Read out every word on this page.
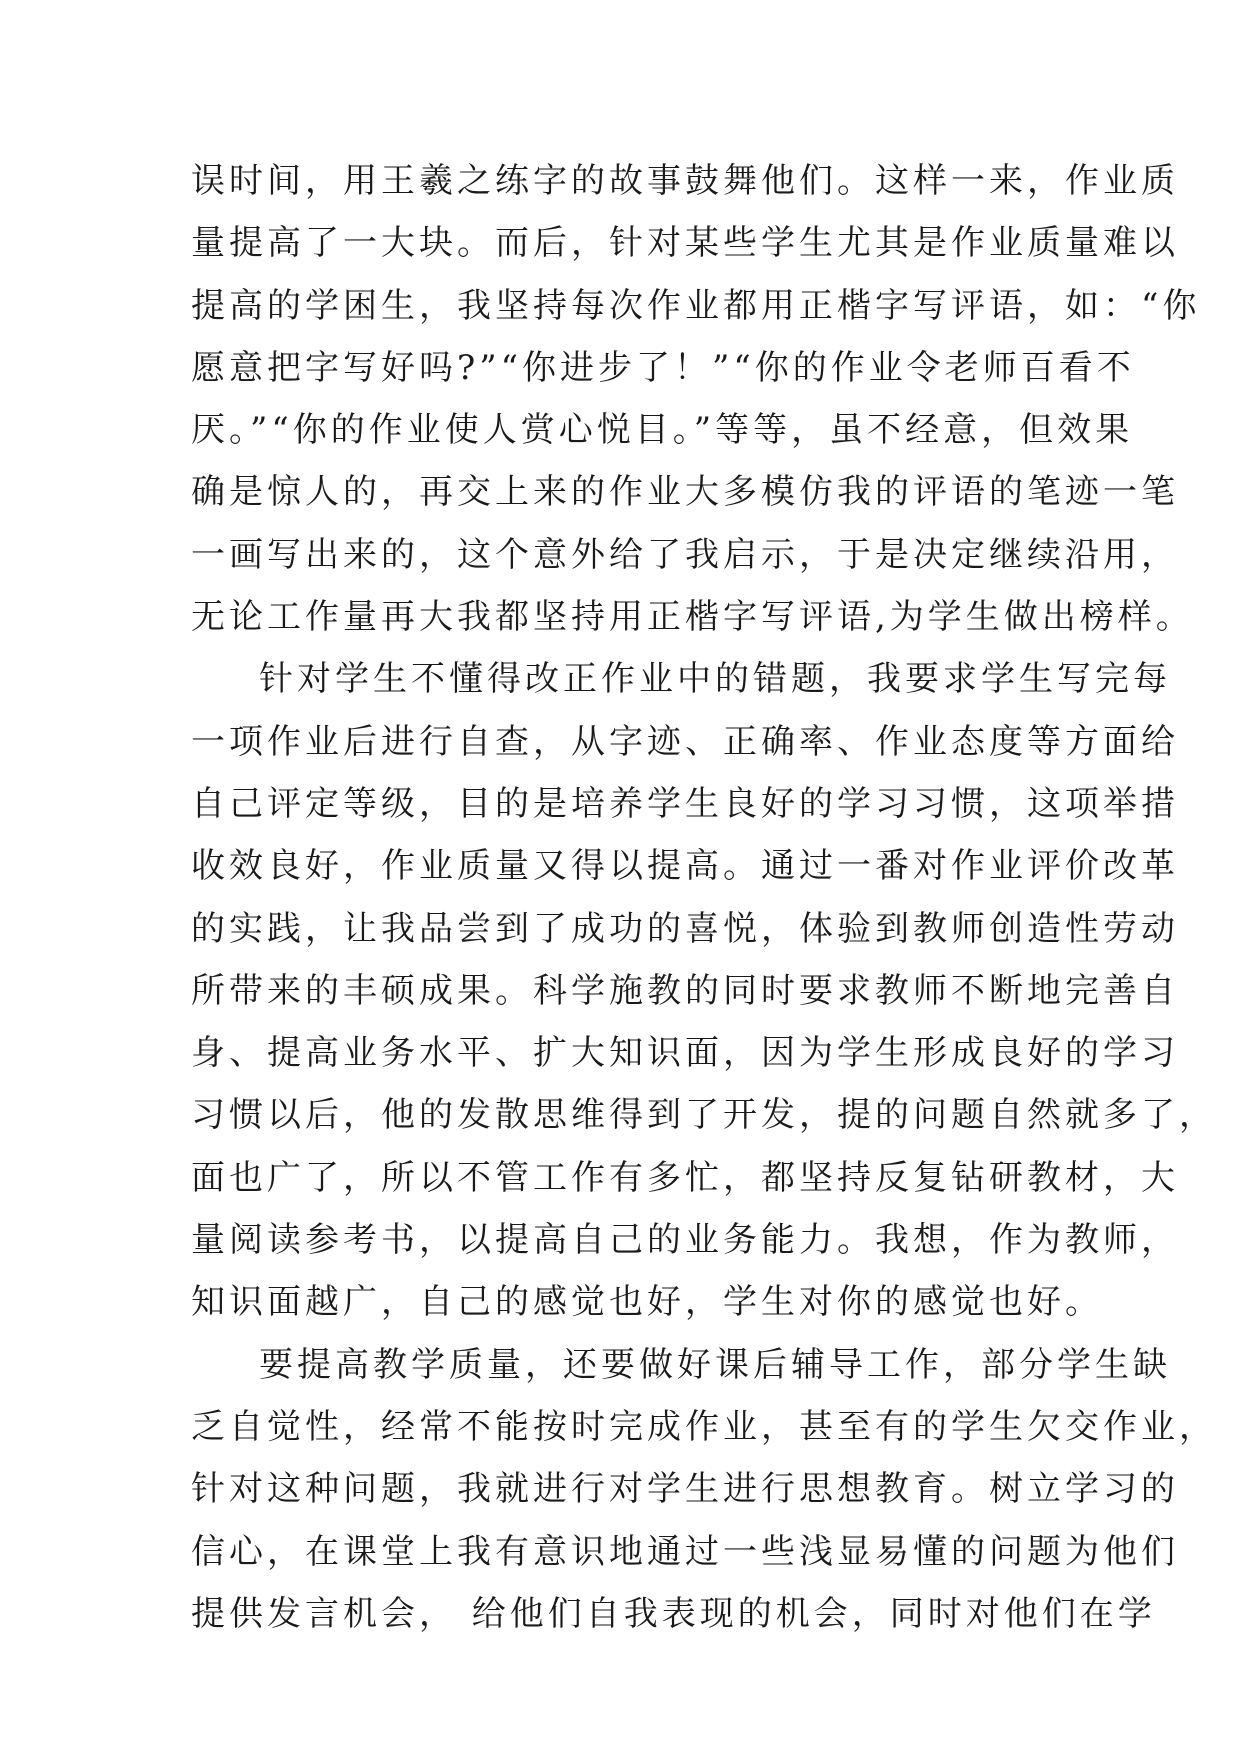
误时间，用王羲之练字的故事鼓舞他们。这样一来，作业质
量提高了一大块。而后，针对某些学生尤其是作业质量难以
提高的学困生，我坚持每次作业都用正楷字写评语，如：“你
愿意把字写好吗?”“你进步了！”“你的作业令老师百看不
厌。”“你的作业使人赏心悦目。”等等，虽不经意，但效果
确是惊人的，再交上来的作业大多模仿我的评语的笔迹一笔
一画写出来的，这个意外给了我启示，于是决定继续沿用，
无论工作量再大我都坚持用正楷字写评语,为学生做出榜样。
针对学生不懂得改正作业中的错题，我要求学生写完每
一项作业后进行自查，从字迹、正确率、作业态度等方面给
自己评定等级，目的是培养学生良好的学习习惯，这项举措
收效良好，作业质量又得以提高。通过一番对作业评价改革
的实践，让我品尝到了成功的喜悦，体验到教师创造性劳动
所带来的丰硕成果。科学施教的同时要求教师不断地完善自
身、提高业务水平、扩大知识面，因为学生形成良好的学习
习惯以后，他的发散思维得到了开发，提的问题自然就多了，
面也广了，所以不管工作有多忙，都坚持反复钻研教材，大
量阅读参考书，以提高自己的业务能力。我想，作为教师，
知识面越广，自己的感觉也好，学生对你的感觉也好。
要提高教学质量，还要做好课后辅导工作，部分学生缺
乏自觉性，经常不能按时完成作业，甚至有的学生欠交作业，
针对这种问题，我就进行对学生进行思想教育。树立学习的
信心，在课堂上我有意识地通过一些浅显易懂的问题为他们
提供发言机会， 给他们自我表现的机会，同时对他们在学
